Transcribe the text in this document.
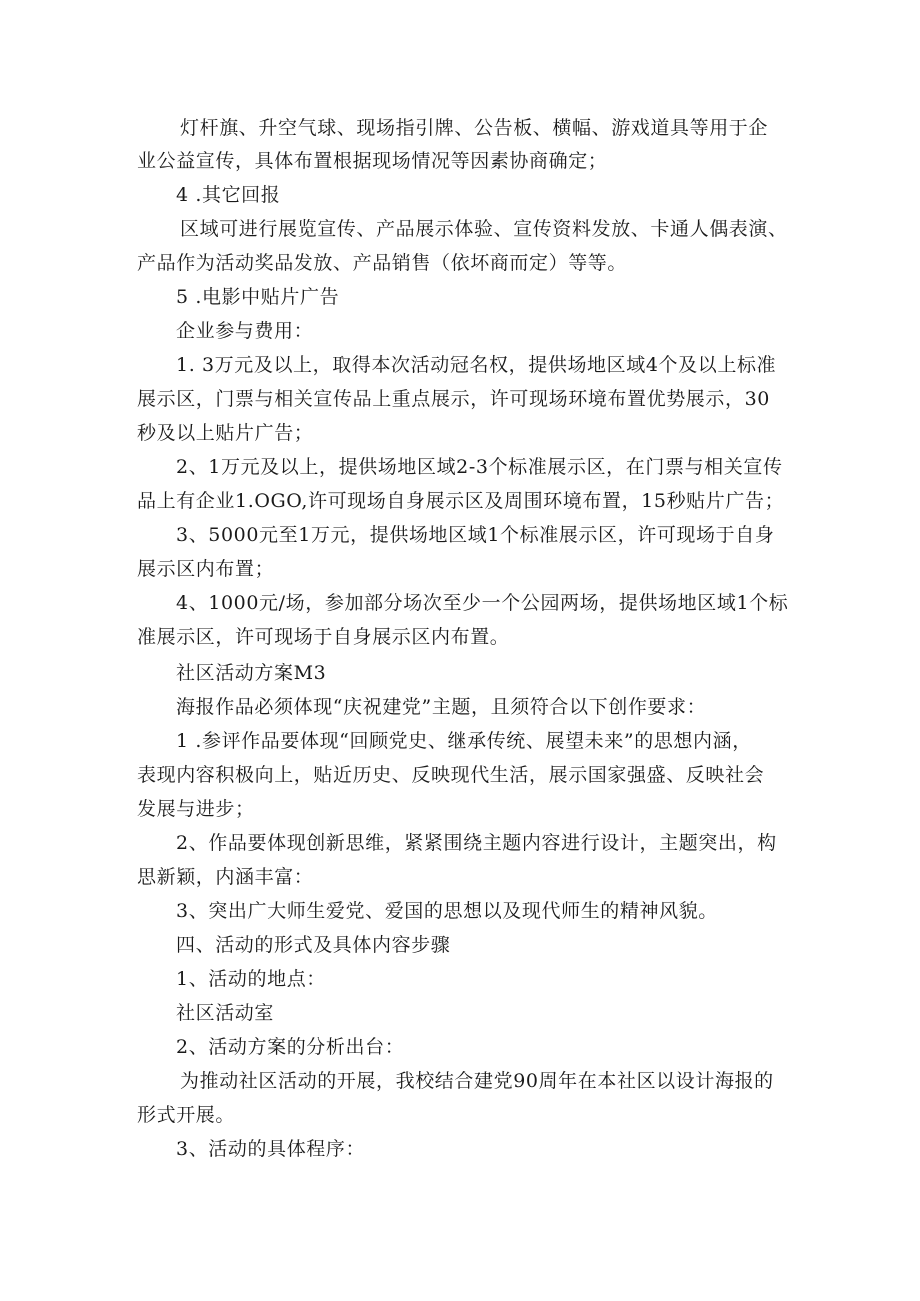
灯杆旗、升空气球、现场指引牌、公告板、横幅、游戏道具等用于企
业公益宣传，具体布置根据现场情况等因素协商确定；
4 .其它回报
区域可进行展览宣传、产品展示体验、宣传资料发放、卡通人偶表演、
产品作为活动奖品发放、产品销售（依坏商而定）等等。
5 .电影中贴片广告
企业参与费用：
1. 3万元及以上，取得本次活动冠名权，提供场地区域4个及以上标准
展示区，门票与相关宣传品上重点展示，许可现场环境布置优势展示，30
秒及以上贴片广告；
2、1万元及以上，提供场地区域2-3个标准展示区，在门票与相关宣传
品上有企业1.OGO,许可现场自身展示区及周围环境布置，15秒贴片广告；
3、5000元至1万元，提供场地区域1个标准展示区，许可现场于自身
展示区内布置；
4、1000元/场，参加部分场次至少一个公园两场，提供场地区域1个标
准展示区，许可现场于自身展示区内布置。
社区活动方案M3
海报作品必须体现“庆祝建党”主题，且须符合以下创作要求：
1 .参评作品要体现“回顾党史、继承传统、展望未来”的思想内涵，
表现内容积极向上，贴近历史、反映现代生活，展示国家强盛、反映社会
发展与进步；
2、作品要体现创新思维，紧紧围绕主题内容进行设计，主题突出，构
思新颖，内涵丰富：
3、突出广大师生爱党、爱国的思想以及现代师生的精神风貌。
四、活动的形式及具体内容步骤
1、活动的地点：
社区活动室
2、活动方案的分析出台：
为推动社区活动的开展，我校结合建党90周年在本社区以设计海报的
形式开展。
3、活动的具体程序：
